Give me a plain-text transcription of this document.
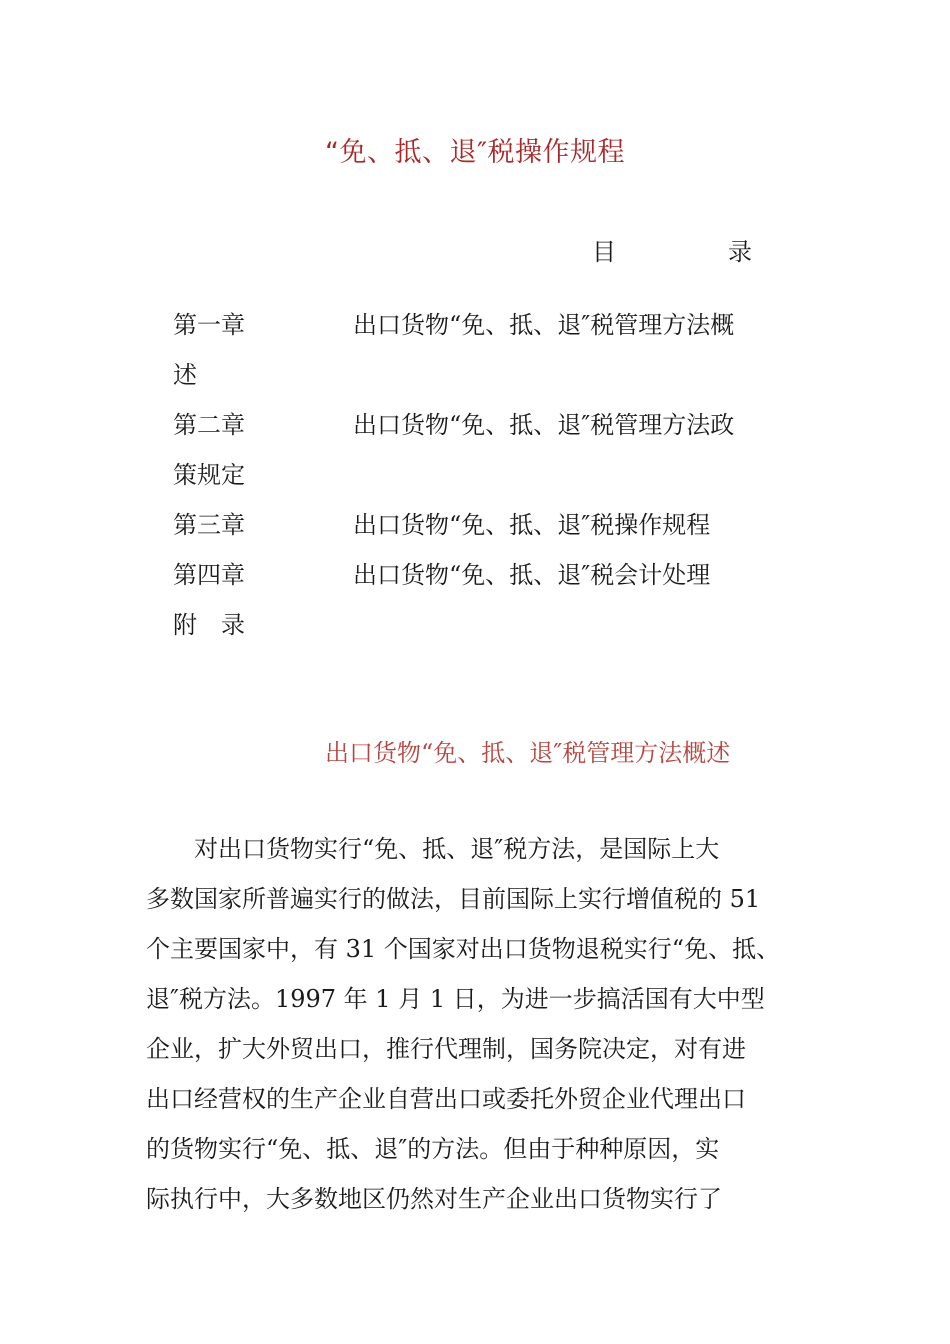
“免、抵、退″税操作规程
目	录
第一章	出口货物“免、抵、退″税管理方法概
述
第二章	出口货物“免、抵、退″税管理方法政
策规定
第三章	出口货物“免、抵、退″税操作规程
第四章	出口货物“免、抵、退″税会计处理
附　录
出口货物“免、抵、退″税管理方法概述
　　对出口货物实行“免、抵、退″税方法，是国际上大
多数国家所普遍实行的做法，目前国际上实行增值税的 51
个主要国家中，有 31 个国家对出口货物退税实行“免、抵、
退″税方法。1997 年 1 月 1 日，为进一步搞活国有大中型
企业，扩大外贸出口，推行代理制，国务院决定，对有进
出口经营权的生产企业自营出口或委托外贸企业代理出口
的货物实行“免、抵、退″的方法。但由于种种原因，实
际执行中，大多数地区仍然对生产企业出口货物实行了
